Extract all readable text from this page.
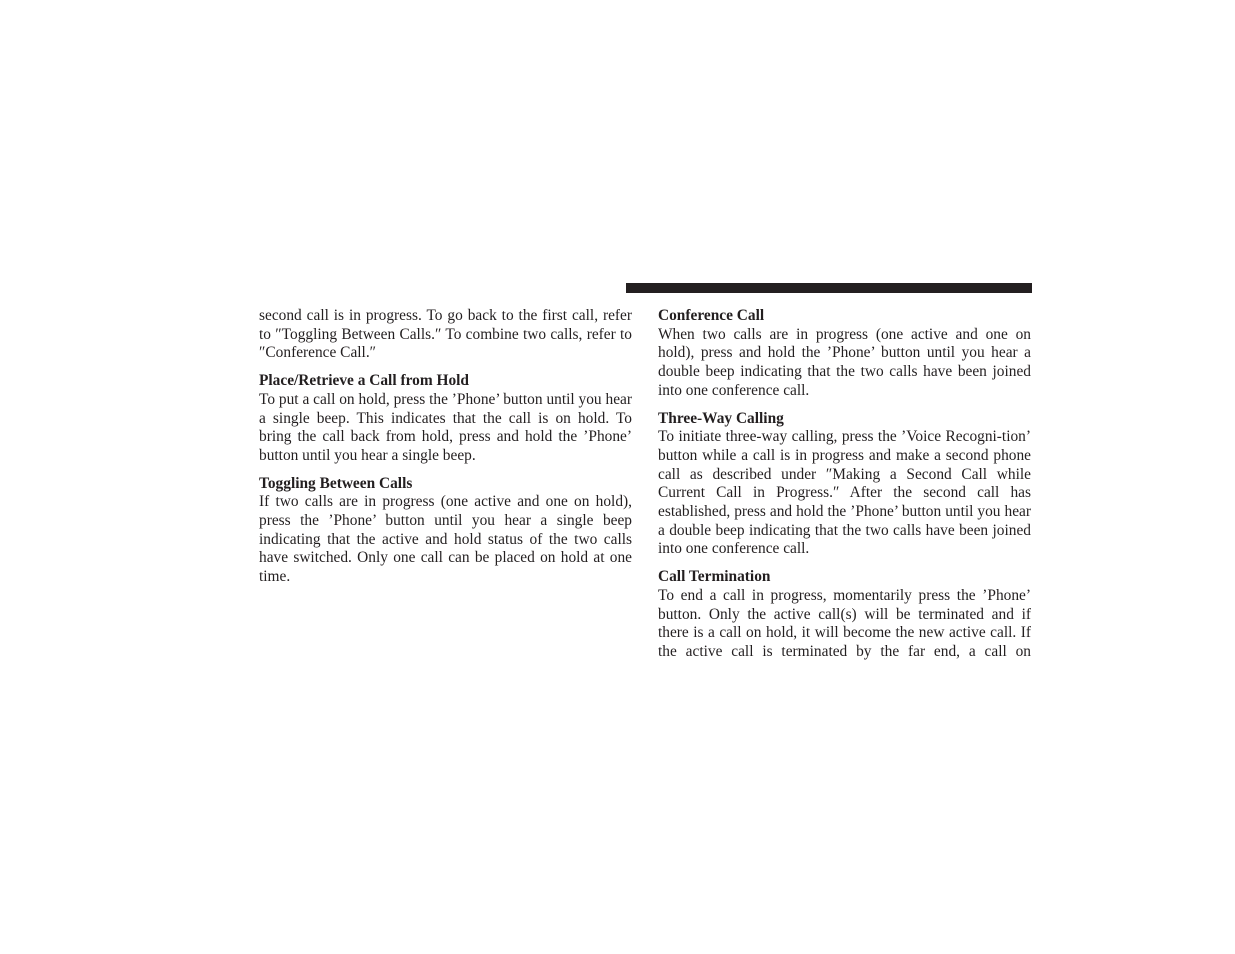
second call is in progress. To go back to the first call, refer to ″Toggling Between Calls.″ To combine two calls, refer to ″Conference Call.″

Place/Retrieve a Call from Hold

To put a call on hold, press the ’Phone’ button until you hear a single beep. This indicates that the call is on hold. To bring the call back from hold, press and hold the ’Phone’ button until you hear a single beep.

Toggling Between Calls

If two calls are in progress (one active and one on hold), press the ’Phone’ button until you hear a single beep indicating that the active and hold status of the two calls have switched. Only one call can be placed on hold at one time.

Conference Call

When two calls are in progress (one active and one on hold), press and hold the ’Phone’ button until you hear a double beep indicating that the two calls have been joined into one conference call.

Three-Way Calling

To initiate three-way calling, press the ’Voice Recogni-tion’ button while a call is in progress and make a second phone call as described under ″Making a Second Call while Current Call in Progress.″ After the second call has established, press and hold the ’Phone’ button until you hear a double beep indicating that the two calls have been joined into one conference call.

Call Termination

To end a call in progress, momentarily press the ’Phone’ button. Only the active call(s) will be terminated and if there is a call on hold, it will become the new active call. If the active call is terminated by the far end, a call on
